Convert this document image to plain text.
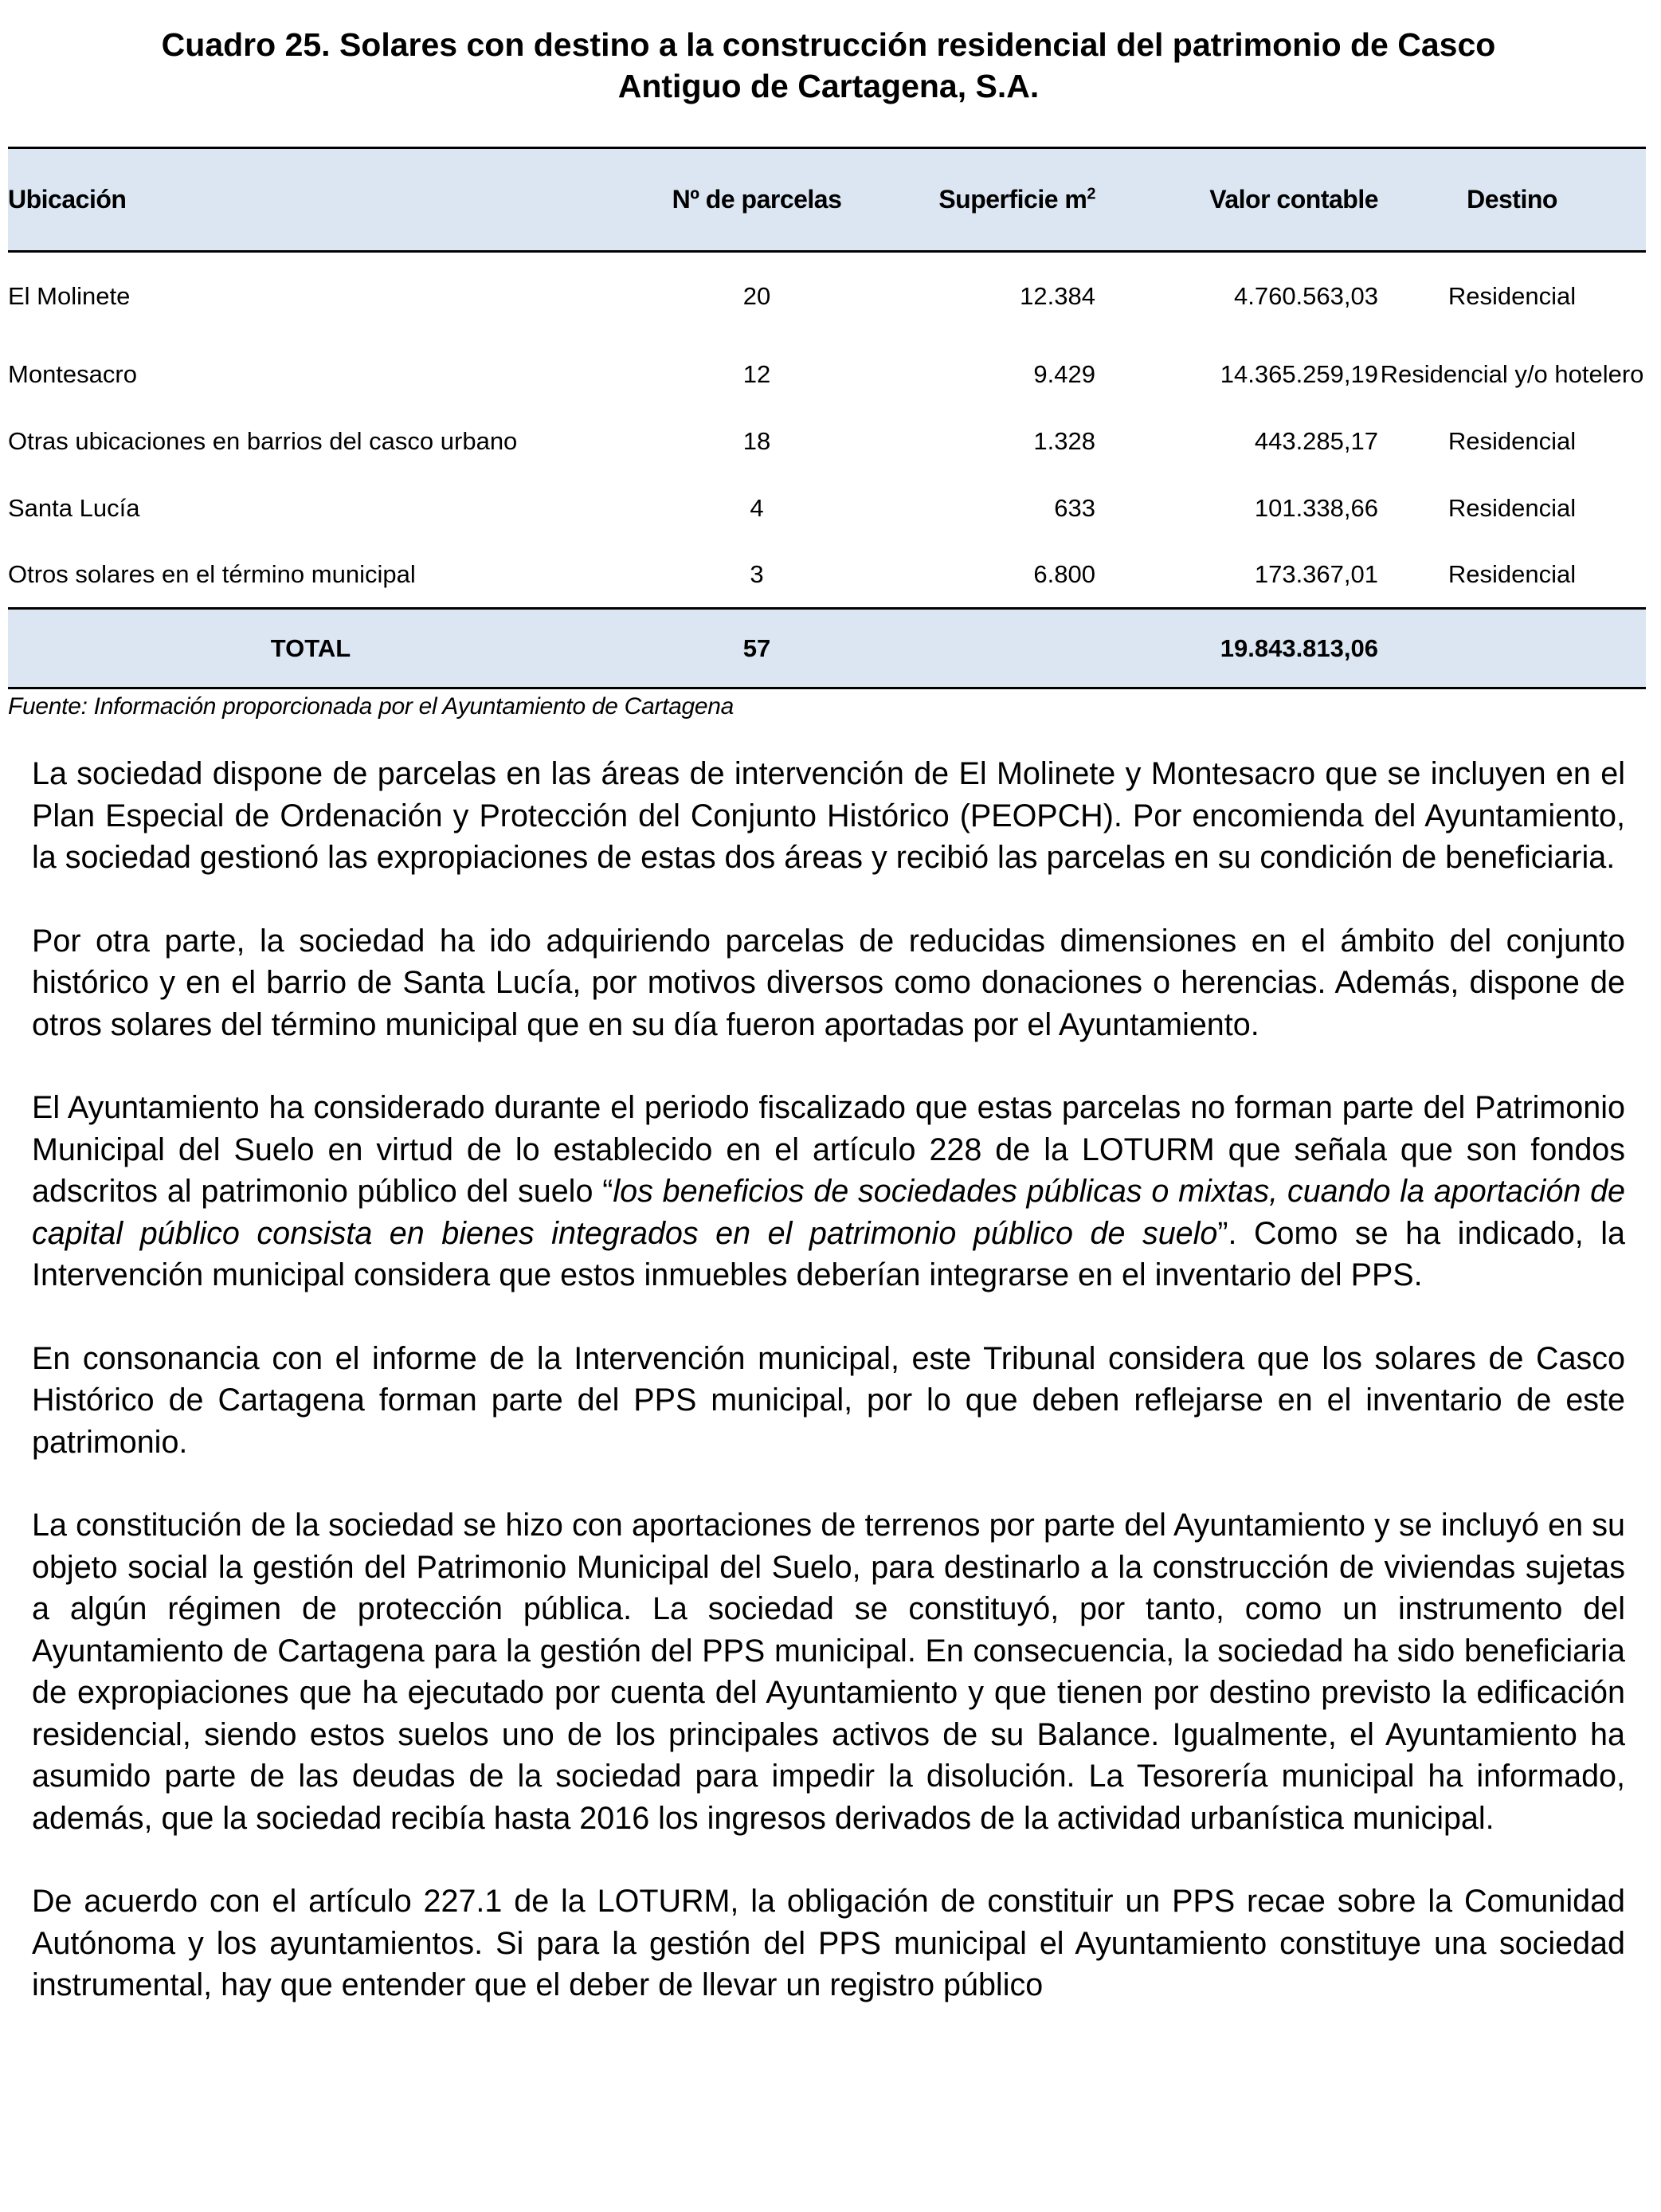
Cuadro 25. Solares con destino a la construcción residencial del patrimonio de Casco
Antiguo de Cartagena, S.A.
Ubicación	Nº de parcelas	Superficie $m^2$	Valor contable	Destino
El Molinete	20	12.384	4.760.563,03	Residencial
Montesacro	12	9.429	14.365.259,19	Residencial y/o hotelero
Otras ubicaciones en barrios del casco urbano	18	1.328	443.285,17	Residencial
Santa Lucía	4	633	101.338,66	Residencial
Otros solares en el término municipal	3	6.800	173.367,01	Residencial
TOTAL	57		19.843.813,06	
Fuente: Información proporcionada por el Ayuntamiento de Cartagena

La sociedad dispone de parcelas en las áreas de intervención de El Molinete y Montesacro que se incluyen en el Plan Especial de Ordenación y Protección del Conjunto Histórico (PEOPCH). Por encomienda del Ayuntamiento, la sociedad gestionó las expropiaciones de estas dos áreas y recibió las parcelas en su condición de beneficiaria.

Por otra parte, la sociedad ha ido adquiriendo parcelas de reducidas dimensiones en el ámbito del conjunto histórico y en el barrio de Santa Lucía, por motivos diversos como donaciones o herencias. Además, dispone de otros solares del término municipal que en su día fueron aportadas por el Ayuntamiento.

El Ayuntamiento ha considerado durante el periodo fiscalizado que estas parcelas no forman parte del Patrimonio Municipal del Suelo en virtud de lo establecido en el artículo 228 de la LOTURM que señala que son fondos adscritos al patrimonio público del suelo “los beneficios de sociedades públicas o mixtas, cuando la aportación de capital público consista en bienes integrados en el patrimonio público de suelo”. Como se ha indicado, la Intervención municipal considera que estos inmuebles deberían integrarse en el inventario del PPS.

En consonancia con el informe de la Intervención municipal, este Tribunal considera que los solares de Casco Histórico de Cartagena forman parte del PPS municipal, por lo que deben reflejarse en el inventario de este patrimonio.

La constitución de la sociedad se hizo con aportaciones de terrenos por parte del Ayuntamiento y se incluyó en su objeto social la gestión del Patrimonio Municipal del Suelo, para destinarlo a la construcción de viviendas sujetas a algún régimen de protección pública. La sociedad se constituyó, por tanto, como un instrumento del Ayuntamiento de Cartagena para la gestión del PPS municipal. En consecuencia, la sociedad ha sido beneficiaria de expropiaciones que ha ejecutado por cuenta del Ayuntamiento y que tienen por destino previsto la edificación residencial, siendo estos suelos uno de los principales activos de su Balance. Igualmente, el Ayuntamiento ha asumido parte de las deudas de la sociedad para impedir la disolución. La Tesorería municipal ha informado, además, que la sociedad recibía hasta 2016 los ingresos derivados de la actividad urbanística municipal.

De acuerdo con el artículo 227.1 de la LOTURM, la obligación de constituir un PPS recae sobre la Comunidad Autónoma y los ayuntamientos. Si para la gestión del PPS municipal el Ayuntamiento constituye una sociedad instrumental, hay que entender que el deber de llevar un registro público
